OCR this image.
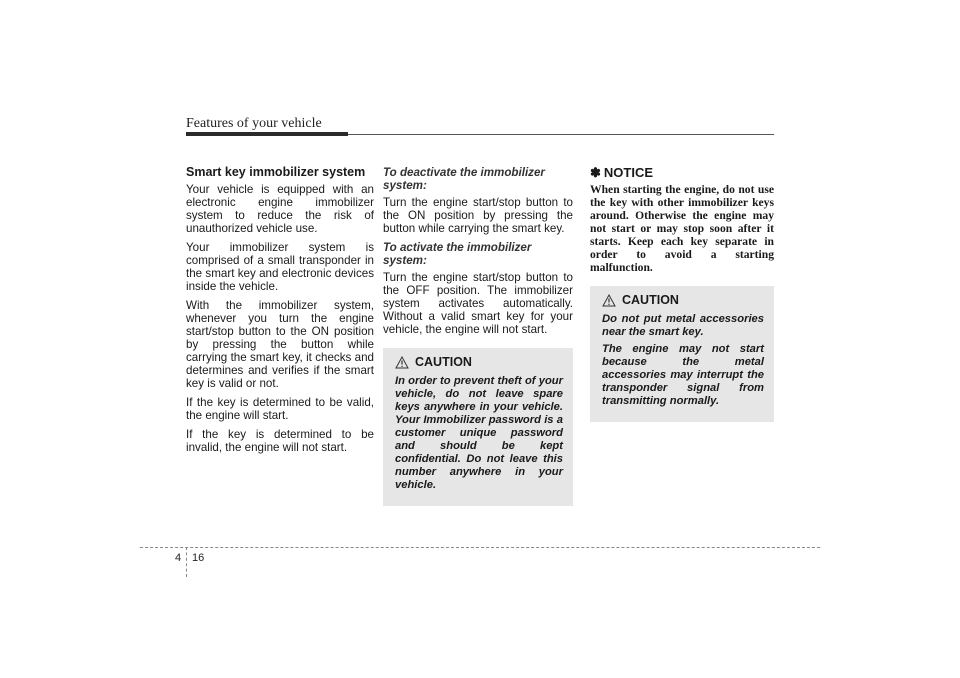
Features of your vehicle
Smart key immobilizer system

Your vehicle is equipped with an electronic engine immobilizer system to reduce the risk of unauthorized vehicle use.

Your immobilizer system is comprised of a small transponder in the smart key and electronic devices inside the vehicle.

With the immobilizer system, whenever you turn the engine start/stop button to the ON position by pressing the button while carrying the smart key, it checks and determines and verifies if the smart key is valid or not.

If the key is determined to be valid, the engine will start.

If the key is determined to be invalid, the engine will not start.

To deactivate the immobilizer system:

Turn the engine start/stop button to the ON position by pressing the button while carrying the smart key.

To activate the immobilizer system:

Turn the engine start/stop button to the OFF position. The immobilizer system activates automatically. Without a valid smart key for your vehicle, the engine will not start.

CAUTION

In order to prevent theft of your vehicle, do not leave spare keys anywhere in your vehicle. Your Immobilizer password is a customer unique password and should be kept confidential. Do not leave this number anywhere in your vehicle.

✽ NOTICE
When starting the engine, do not use the key with other immobilizer keys around. Otherwise the engine may not start or may stop soon after it starts. Keep each key separate in order to avoid a starting malfunction.
CAUTION

Do not put metal accessories near the smart key.

The engine may not start because the metal accessories may interrupt the transponder signal from transmitting normally.

4 16
